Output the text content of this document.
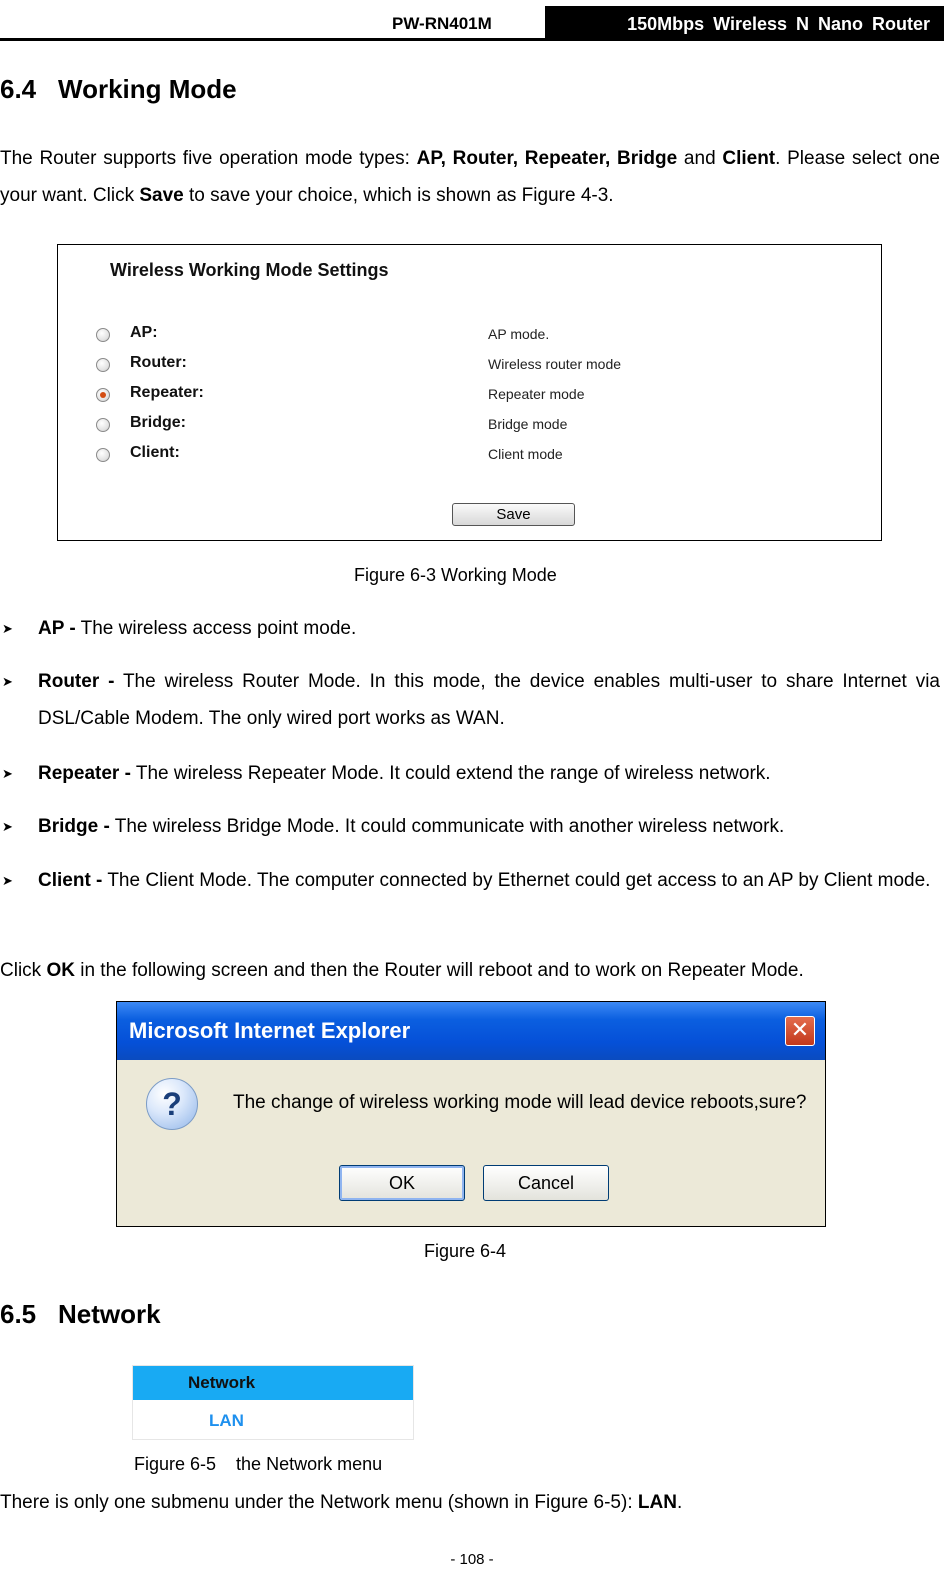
PW-RN401M	150Mbps Wireless N Nano Router
6.4 Working Mode

The Router supports five operation mode types: AP, Router, Repeater, Bridge and Client. Please select one your want. Click Save to save your choice, which is shown as Figure 4-3.

Wireless Working Mode Settings
AP:	AP mode.
Router:	Wireless router mode
Repeater:	Repeater mode
Bridge:	Bridge mode
Client:	Client mode
Save
Figure 6-3 Working Mode
➤ AP - The wireless access point mode.
➤ Router - The wireless Router Mode. In this mode, the device enables multi-user to share Internet via DSL/Cable Modem. The only wired port works as WAN.
➤ Repeater - The wireless Repeater Mode. It could extend the range of wireless network.
➤ Bridge - The wireless Bridge Mode. It could communicate with another wireless network.
➤ Client - The Client Mode. The computer connected by Ethernet could get access to an AP by Client mode.

Click OK in the following screen and then the Router will reboot and to work on Repeater Mode.

Microsoft Internet Explorer	✕
?	The change of wireless working mode will lead device reboots,sure?
OK	Cancel
Figure 6-4
6.5 Network
Network
LAN
Figure 6-5    the Network menu

There is only one submenu under the Network menu (shown in Figure 6-5): LAN.

- 108 -
